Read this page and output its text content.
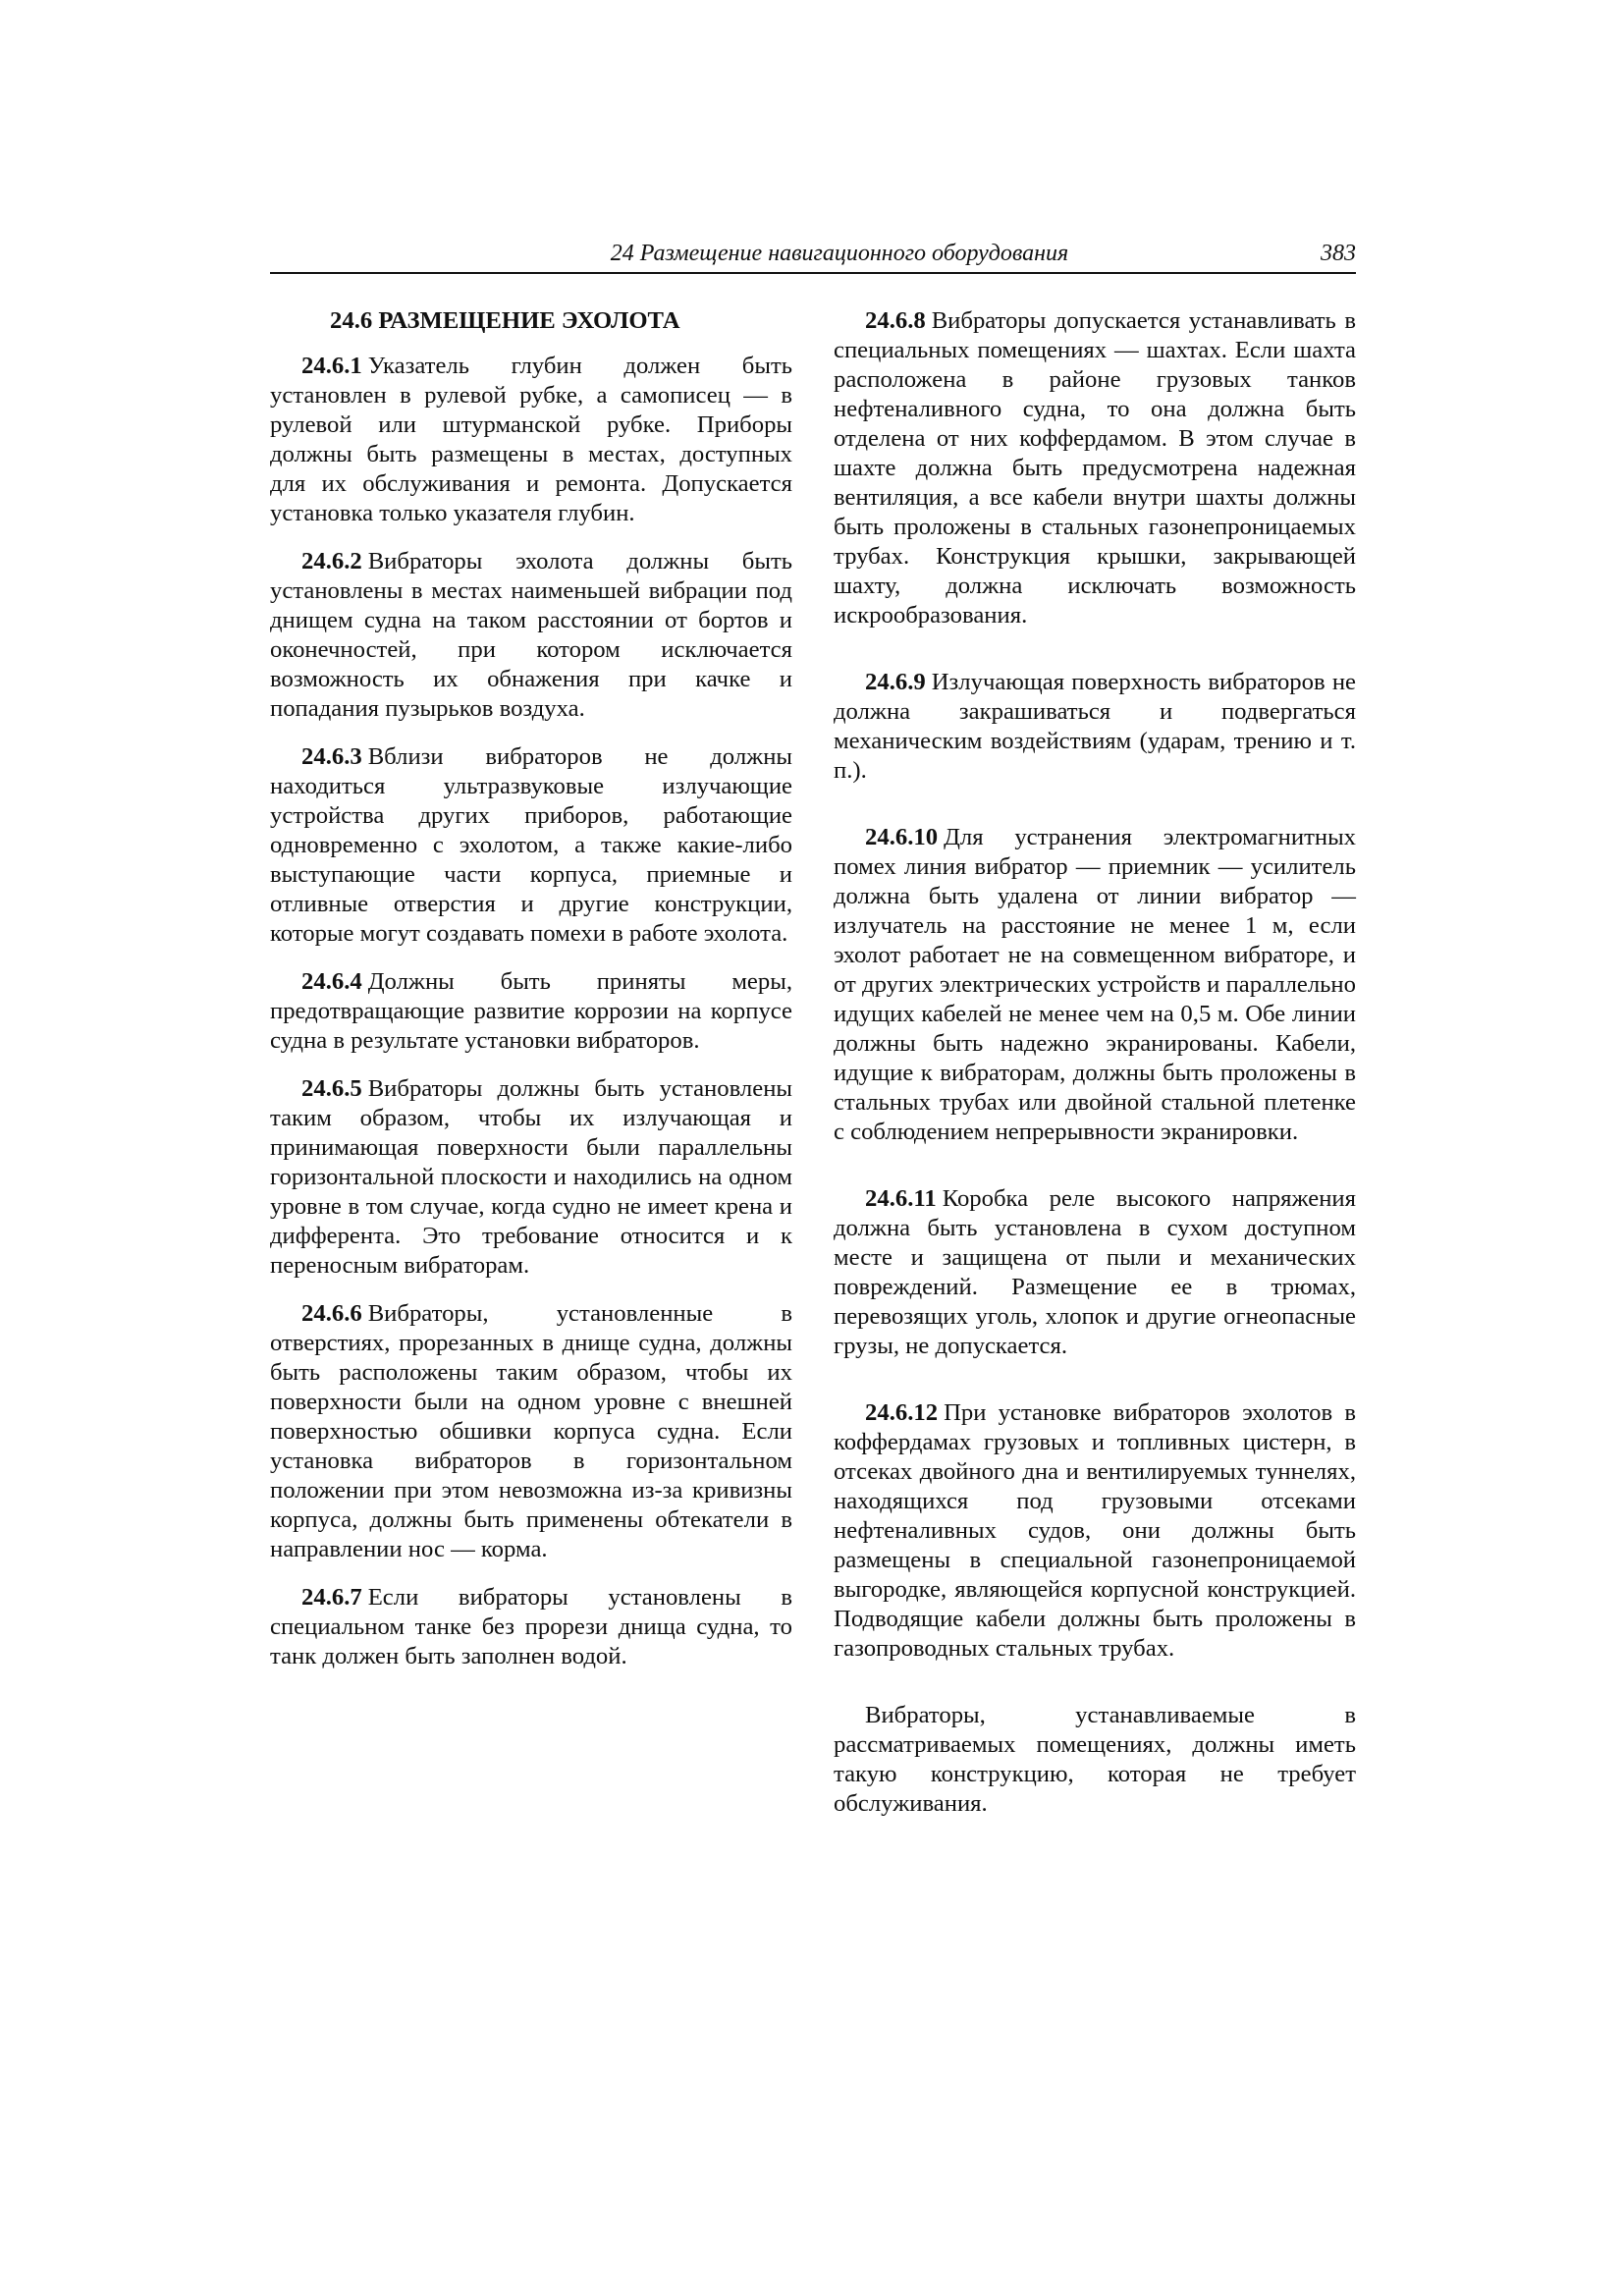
24 Размещение навигационного оборудования	383
24.6 РАЗМЕЩЕНИЕ ЭХОЛОТА

24.6.1 Указатель глубин должен быть установлен в рулевой рубке, а самописец — в рулевой или штурманской рубке. Приборы должны быть размещены в местах, доступных для их обслуживания и ремонта. Допускается установка только указателя глубин.

24.6.2 Вибраторы эхолота должны быть установлены в местах наименьшей вибрации под днищем судна на таком расстоянии от бортов и оконечностей, при котором исключается возможность их обнажения при качке и попадания пузырьков воздуха.

24.6.3 Вблизи вибраторов не должны находиться ультразвуковые излучающие устройства других приборов, работающие одновременно с эхолотом, а также какие-либо выступающие части корпуса, приемные и отливные отверстия и другие конструкции, которые могут создавать помехи в работе эхолота.

24.6.4 Должны быть приняты меры, предотвращающие развитие коррозии на корпусе судна в результате установки вибраторов.

24.6.5 Вибраторы должны быть установлены таким образом, чтобы их излучающая и принимающая поверхности были параллельны горизонтальной плоскости и находились на одном уровне в том случае, когда судно не имеет крена и дифферента. Это требование относится и к переносным вибраторам.

24.6.6 Вибраторы, установленные в отверстиях, прорезанных в днище судна, должны быть расположены таким образом, чтобы их поверхности были на одном уровне с внешней поверхностью обшивки корпуса судна. Если установка вибраторов в горизонтальном положении при этом невозможна из-за кривизны корпуса, должны быть применены обтекатели в направлении нос — корма.

24.6.7 Если вибраторы установлены в специальном танке без прорези днища судна, то танк должен быть заполнен водой.

24.6.8 Вибраторы допускается устанавливать в специальных помещениях — шахтах. Если шахта расположена в районе грузовых танков нефтеналивного судна, то она должна быть отделена от них коффердамом. В этом случае в шахте должна быть предусмотрена надежная вентиляция, а все кабели внутри шахты должны быть проложены в стальных газонепроницаемых трубах. Конструкция крышки, закрывающей шахту, должна исключать возможность искрообразования.

24.6.9 Излучающая поверхность вибраторов не должна закрашиваться и подвергаться механическим воздействиям (ударам, трению и т. п.).

24.6.10 Для устранения электромагнитных помех линия вибратор — приемник — усилитель должна быть удалена от линии вибратор — излучатель на расстояние не менее 1 м, если эхолот работает не на совмещенном вибраторе, и от других электрических устройств и параллельно идущих кабелей не менее чем на 0,5 м. Обе линии должны быть надежно экранированы. Кабели, идущие к вибраторам, должны быть проложены в стальных трубах или двойной стальной плетенке с соблюдением непрерывности экранировки.

24.6.11 Коробка реле высокого напряжения должна быть установлена в сухом доступном месте и защищена от пыли и механических повреждений. Размещение ее в трюмах, перевозящих уголь, хлопок и другие огнеопасные грузы, не допускается.

24.6.12 При установке вибраторов эхолотов в коффердамах грузовых и топливных цистерн, в отсеках двойного дна и вентилируемых туннелях, находящихся под грузовыми отсеками нефтеналивных судов, они должны быть размещены в специальной газонепроницаемой выгородке, являющейся корпусной конструкцией. Подводящие кабели должны быть проложены в газопроводных стальных трубах.

Вибраторы, устанавливаемые в рассматриваемых помещениях, должны иметь такую конструкцию, которая не требует обслуживания.
